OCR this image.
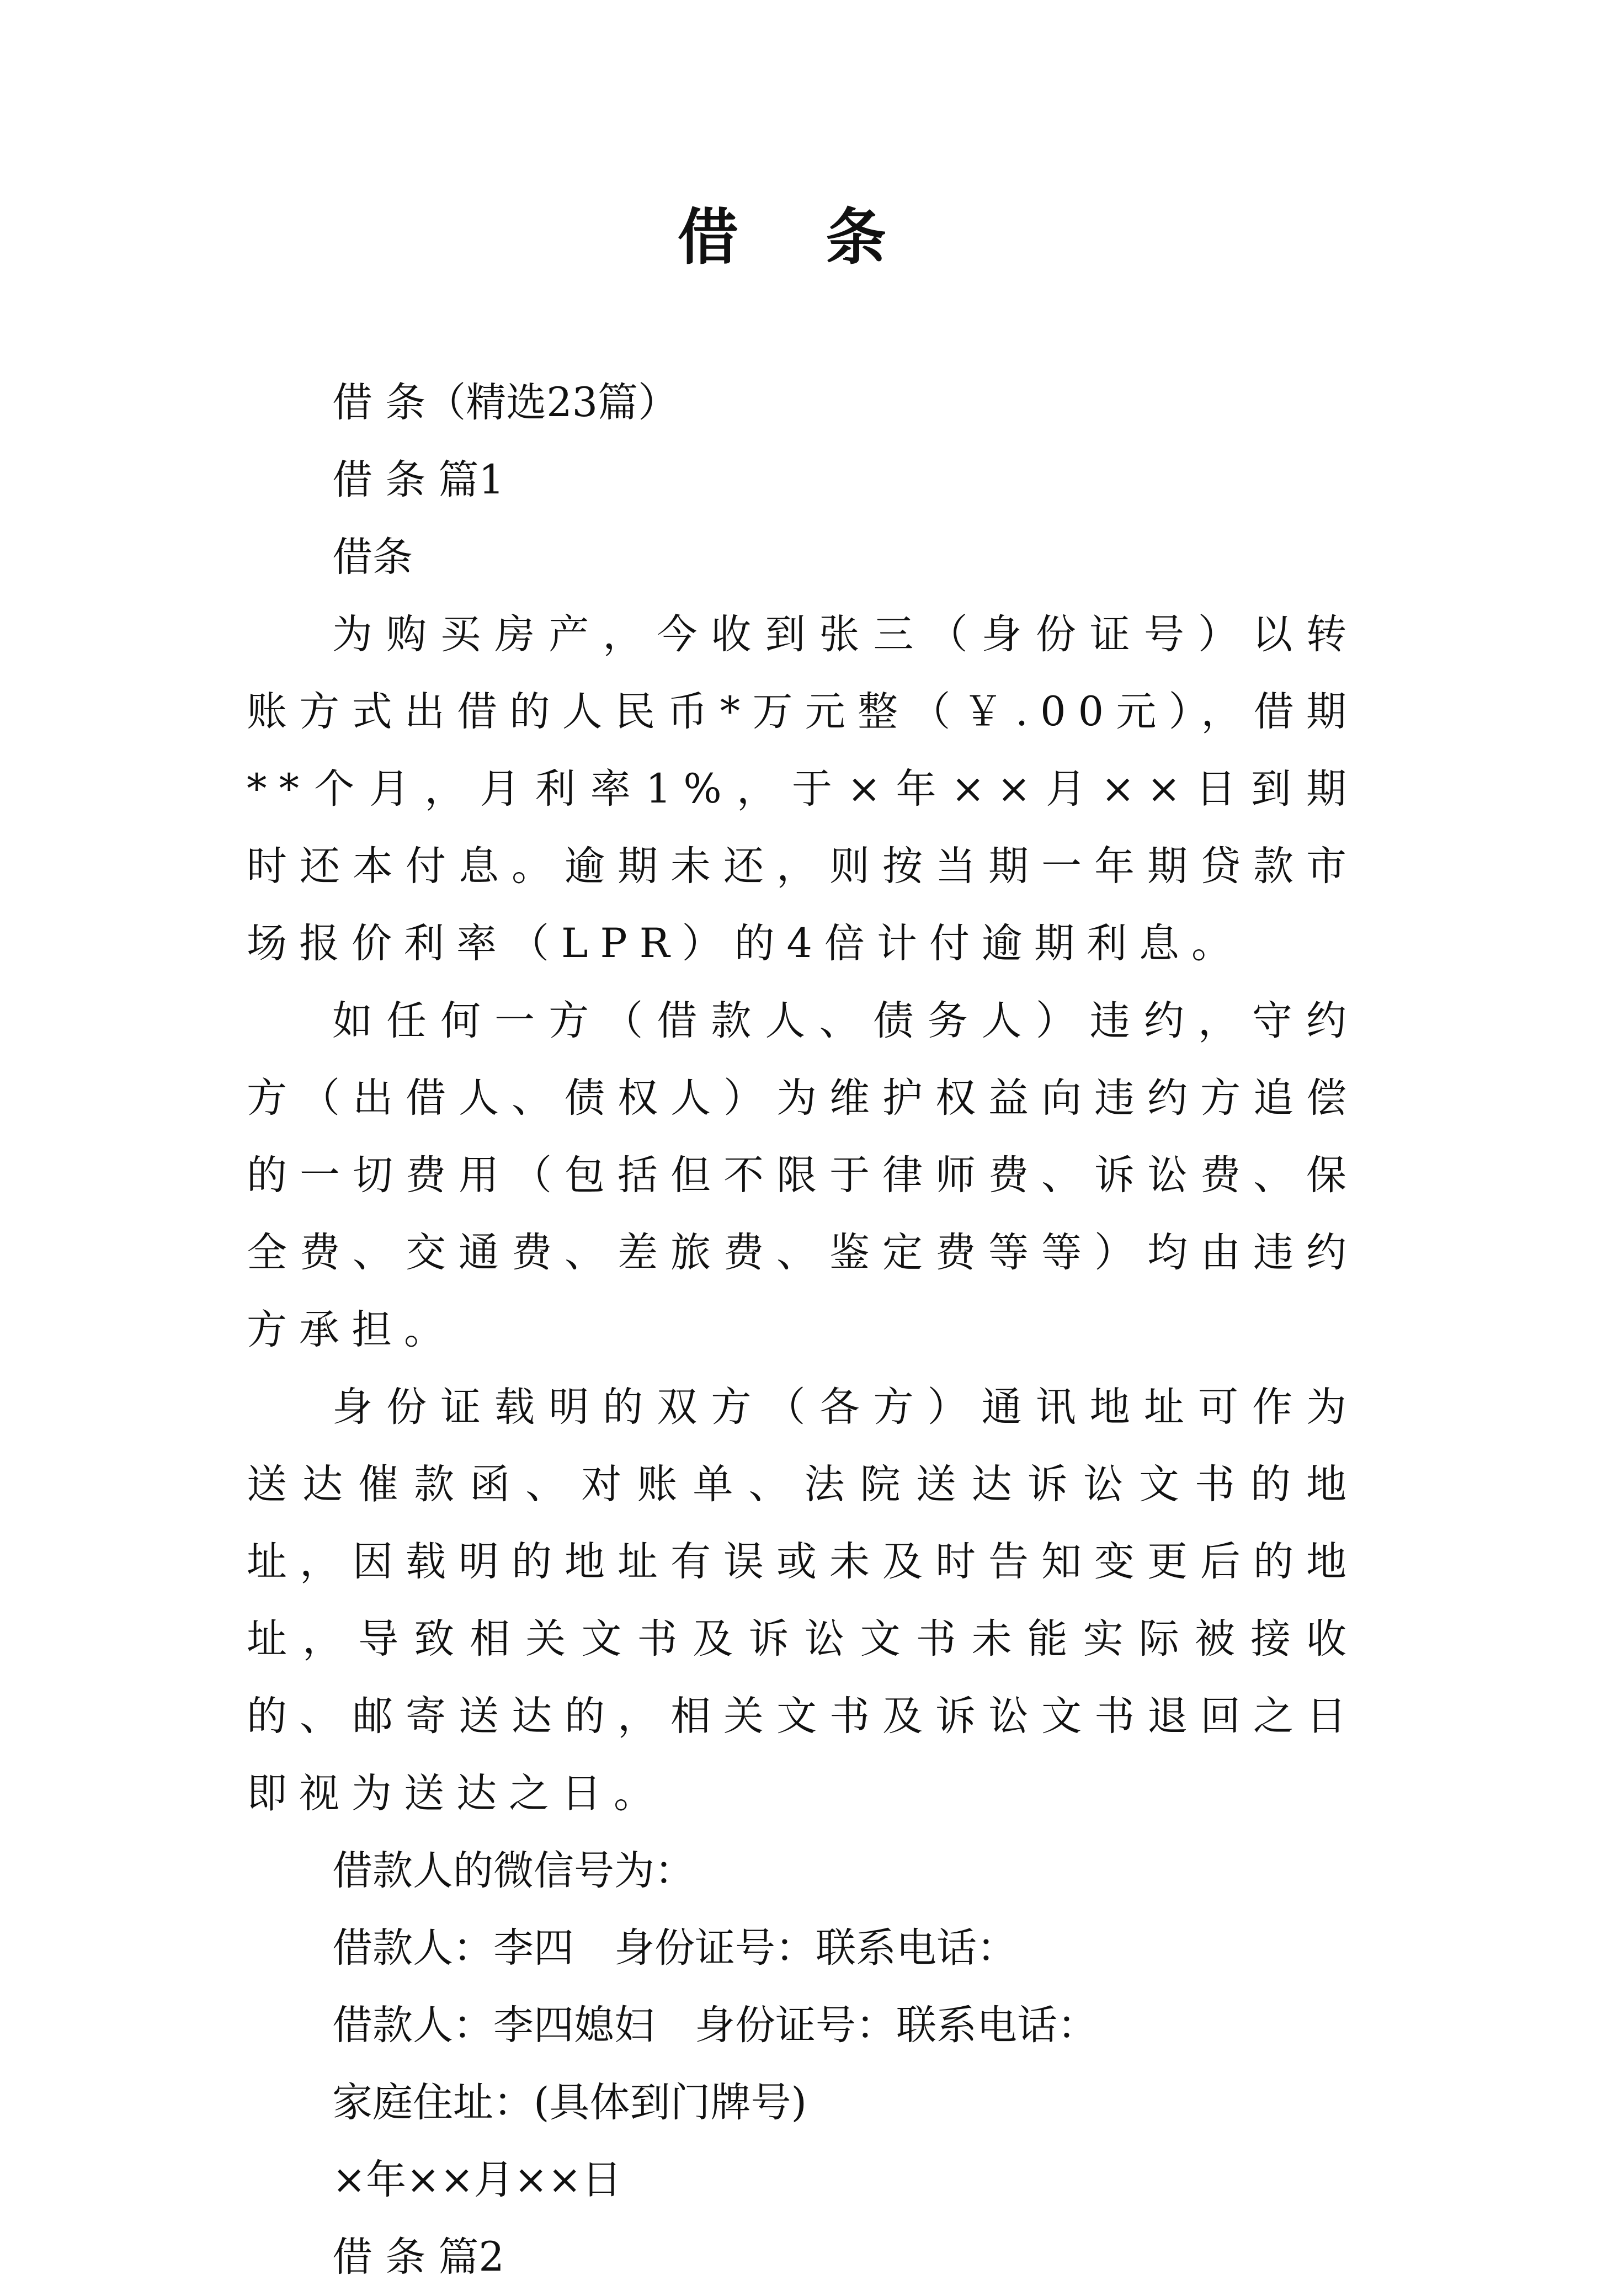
借 条

借 条（精选23篇）

借 条 篇1

借条

为购买房产，今收到张三（身份证号）以转账方式出借的人民币*万元整（￥.00元），借期**个月，月利率1%，于×年××月××日到期时还本付息。逾期未还，则按当期一年期贷款市场报价利率（LPR）的4倍计付逾期利息。

如任何一方（借款人、债务人）违约，守约方（出借人、债权人）为维护权益向违约方追偿的一切费用（包括但不限于律师费、诉讼费、保全费、交通费、差旅费、鉴定费等等）均由违约方承担。

身份证载明的双方（各方）通讯地址可作为送达催款函、对账单、法院送达诉讼文书的地址，因载明的地址有误或未及时告知变更后的地址，导致相关文书及诉讼文书未能实际被接收的、邮寄送达的，相关文书及诉讼文书退回之日即视为送达之日。

借款人的微信号为：

借款人：李四　身份证号：联系电话：

借款人：李四媳妇　身份证号：联系电话：

家庭住址：(具体到门牌号)

×年××月××日

借 条 篇2
